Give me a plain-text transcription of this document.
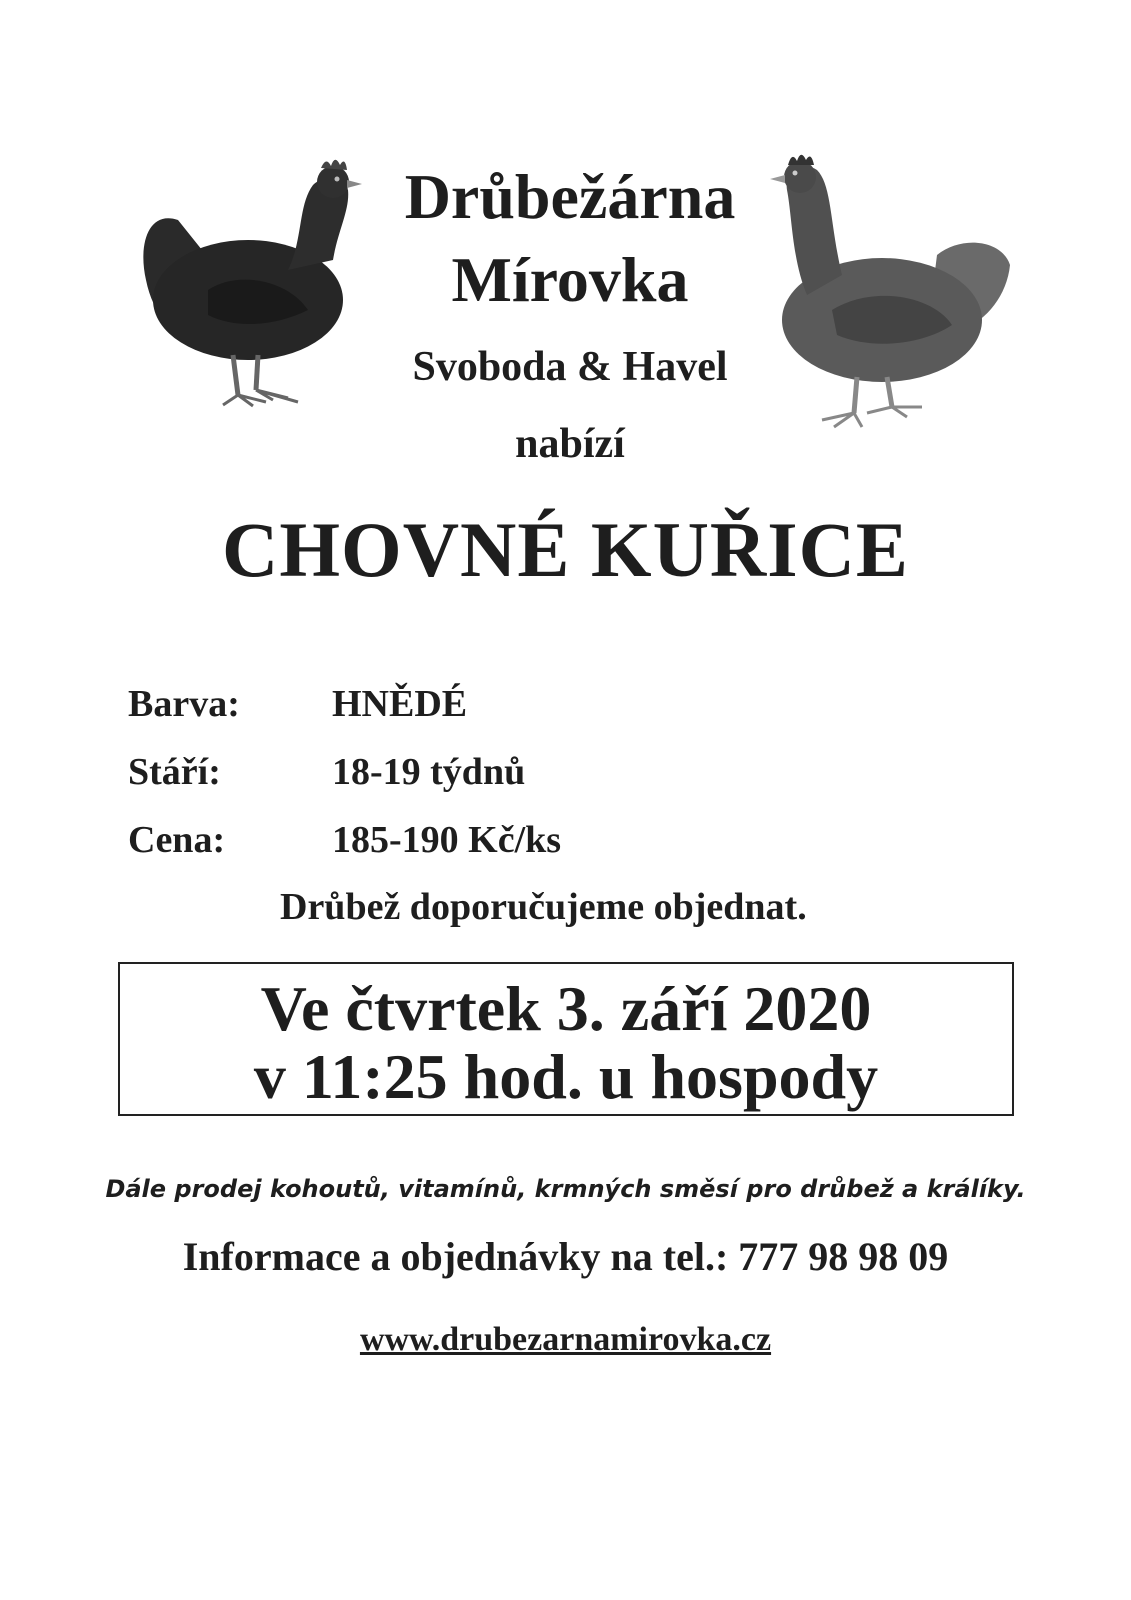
Drůbežárna
Mírovka
Svoboda & Havel
nabízí
CHOVNÉ KUŘICE
Barva: HNĚDÉ
Stáří:	18-19 týdnů
Cena:	185-190 Kč/ks
Drůbež doporučujeme objednat.
Ve čtvrtek 3. září 2020
v 11:25 hod. u hospody
Dále prodej kohoutů, vitamínů, krmných směsí pro drůbež a králíky.
Informace a objednávky na tel.: 777 98 98 09
www.drubezarnamirovka.cz
